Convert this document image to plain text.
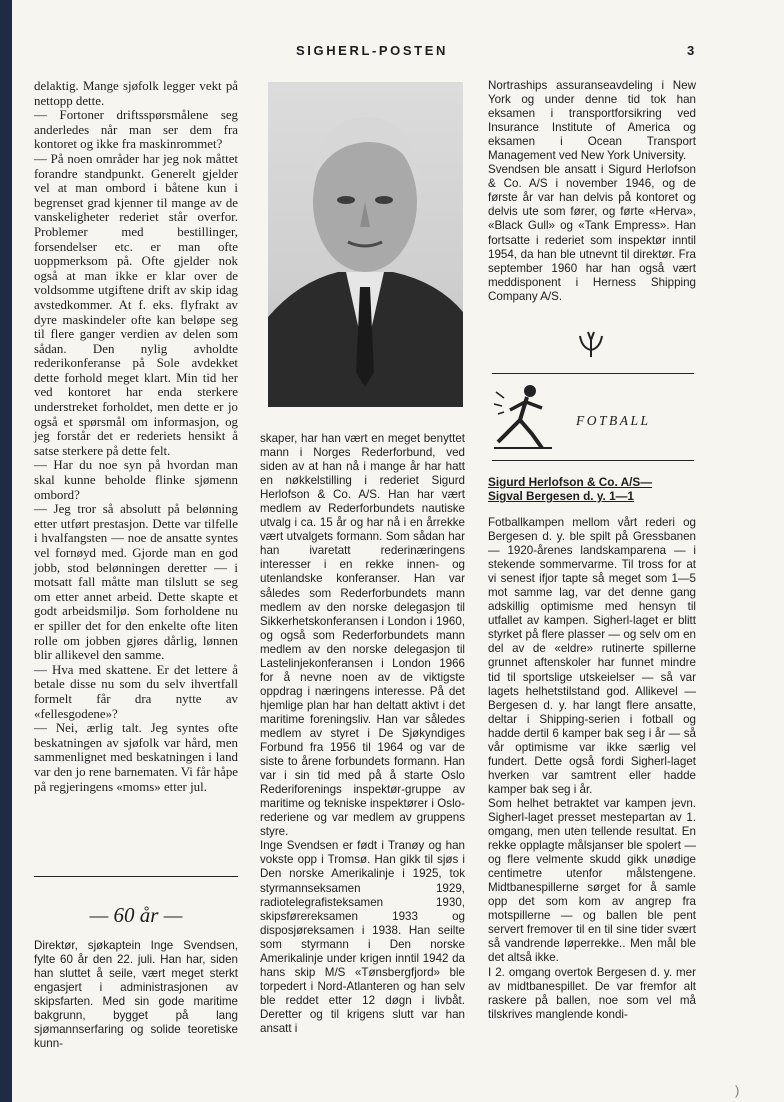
SIGHERL-POSTEN	3
delaktig. Mange sjøfolk legger vekt på nettopp dette.
— Fortoner driftsspørsmålene seg anderledes når man ser dem fra kontoret og ikke fra maskinrommet?
— På noen områder har jeg nok måttet forandre standpunkt. Generelt gjelder vel at man ombord i båtene kun i begrenset grad kjenner til mange av de vanskeligheter rederiet står overfor. Problemer med bestillinger, forsendelser etc. er man ofte uoppmerksom på. Ofte gjelder nok også at man ikke er klar over de voldsomme utgiftene drift av skip idag avstedkommer. At f. eks. flyfrakt av dyre maskindeler ofte kan beløpe seg til flere ganger verdien av delen som sådan. Den nylig avholdte rederikonferanse på Sole avdekket dette forhold meget klart. Min tid her ved kontoret har enda sterkere understreket forholdet, men dette er jo også et spørsmål om informasjon, og jeg forstår det er rederiets hensikt å satse sterkere på dette felt.
— Har du noe syn på hvordan man skal kunne beholde flinke sjømenn ombord?
— Jeg tror så absolutt på belønning etter utført prestasjon. Dette var tilfelle i hvalfangsten — noe de ansatte syntes vel fornøyd med. Gjorde man en god jobb, stod belønningen deretter — i motsatt fall måtte man tilslutt se seg om etter annet arbeid. Dette skapte et godt arbeidsmiljø. Som forholdene nu er spiller det for den enkelte ofte liten rolle om jobben gjøres dårlig, lønnen blir allikevel den samme.
— Hva med skattene. Er det lettere å betale disse nu som du selv ihvertfall formelt får dra nytte av «fellesgodene»?
— Nei, ærlig talt. Jeg syntes ofte beskatningen av sjøfolk var hård, men sammenlignet med beskatningen i land var den jo rene barnematen. Vi får håpe på regjeringens «moms» etter jul.
— 60 år —
Direktør, sjøkaptein Inge Svendsen, fylte 60 år den 22. juli. Han har, siden han sluttet å seile, vært meget sterkt engasjert i administrasjonen av skipsfarten. Med sin gode maritime bakgrunn, bygget på lang sjømannserfaring og solide teoretiske kunn-
skaper, har han vært en meget benyttet mann i Norges Rederforbund, ved siden av at han nå i mange år har hatt en nøkkelstilling i rederiet Sigurd Herlofson & Co. A/S. Han har vært medlem av Rederforbundets nautiske utvalg i ca. 15 år og har nå i en årrekke vært utvalgets formann. Som sådan har han ivaretatt rederinæringens interesser i en rekke innen- og utenlandske konferanser. Han var således som Rederforbundets mann medlem av den norske delegasjon til Sikkerhetskonferansen i London i 1960, og også som Rederforbundets mann medlem av den norske delegasjon til Lastelinjekonferansen i London 1966 for å nevne noen av de viktigste oppdrag i næringens interesse. På det hjemlige plan har han deltatt aktivt i det maritime foreningsliv. Han var således medlem av styret i De Sjøkyndiges Forbund fra 1956 til 1964 og var de siste to årene forbundets formann. Han var i sin tid med på å starte Oslo Rederiforenings inspektør-gruppe av maritime og tekniske inspektører i Oslo-rederiene og var medlem av gruppens styre.
Inge Svendsen er født i Tranøy og han vokste opp i Tromsø. Han gikk til sjøs i Den norske Amerikalinje i 1925, tok styrmannseksamen 1929, radiotelegrafisteksamen 1930, skipsførereksamen 1933 og disposjøreksamen i 1938. Han seilte som styrmann i Den norske Amerikalinje under krigen inntil 1942 da hans skip M/S «Tønsbergfjord» ble torpedert i Nord-Atlanteren og han selv ble reddet etter 12 døgn i livbåt. Deretter og til krigens slutt var han ansatt i
Nortraships assuranseavdeling i New York og under denne tid tok han eksamen i transportforsikring ved Insurance Institute of America og eksamen i Ocean Transport Management ved New York University.
Svendsen ble ansatt i Sigurd Herlofson & Co. A/S i november 1946, og de første år var han delvis på kontoret og delvis ute som fører, og førte «Herva», «Black Gull» og «Tank Empress». Han fortsatte i rederiet som inspektør inntil 1954, da han ble utnevnt til direktør. Fra september 1960 har han også vært meddisponent i Herness Shipping Company A/S.
FOTBALL
Sigurd Herlofson & Co. A/S—
Sigval Bergesen d. y. 1—1
Fotballkampen mellom vårt rederi og Bergesen d. y. ble spilt på Gressbanen — 1920-årenes landskamparena — i stekende sommervarme. Til tross for at vi senest ifjor tapte så meget som 1—5 mot samme lag, var det denne gang adskillig optimisme med hensyn til utfallet av kampen. Sigherl-laget er blitt styrket på flere plasser — og selv om en del av de «eldre» rutinerte spillerne grunnet aftenskoler har funnet mindre tid til sportslige utskeielser — så var lagets helhetstilstand god. Allikevel — Bergesen d. y. har langt flere ansatte, deltar i Shipping-serien i fotball og hadde dertil 6 kamper bak seg i år — så vår optimisme var ikke særlig vel fundert. Dette også fordi Sigherl-laget hverken var samtrent eller hadde kamper bak seg i år.
Som helhet betraktet var kampen jevn. Sigherl-laget presset mestepartan av 1. omgang, men uten tellende resultat. En rekke opplagte målsjanser ble spolert — og flere velmente skudd gikk unødige centimetre utenfor målstengene. Midtbanespillerne sørget for å samle opp det som kom av angrep fra motspillerne — og ballen ble pent servert fremover til en til sine tider svært så vandrende løperrekke.. Men mål ble det altså ikke.
I 2. omgang overtok Bergesen d. y. mer av midtbanespillet. De var fremfor alt raskere på ballen, noe som vel må tilskrives manglende kondi-
)
